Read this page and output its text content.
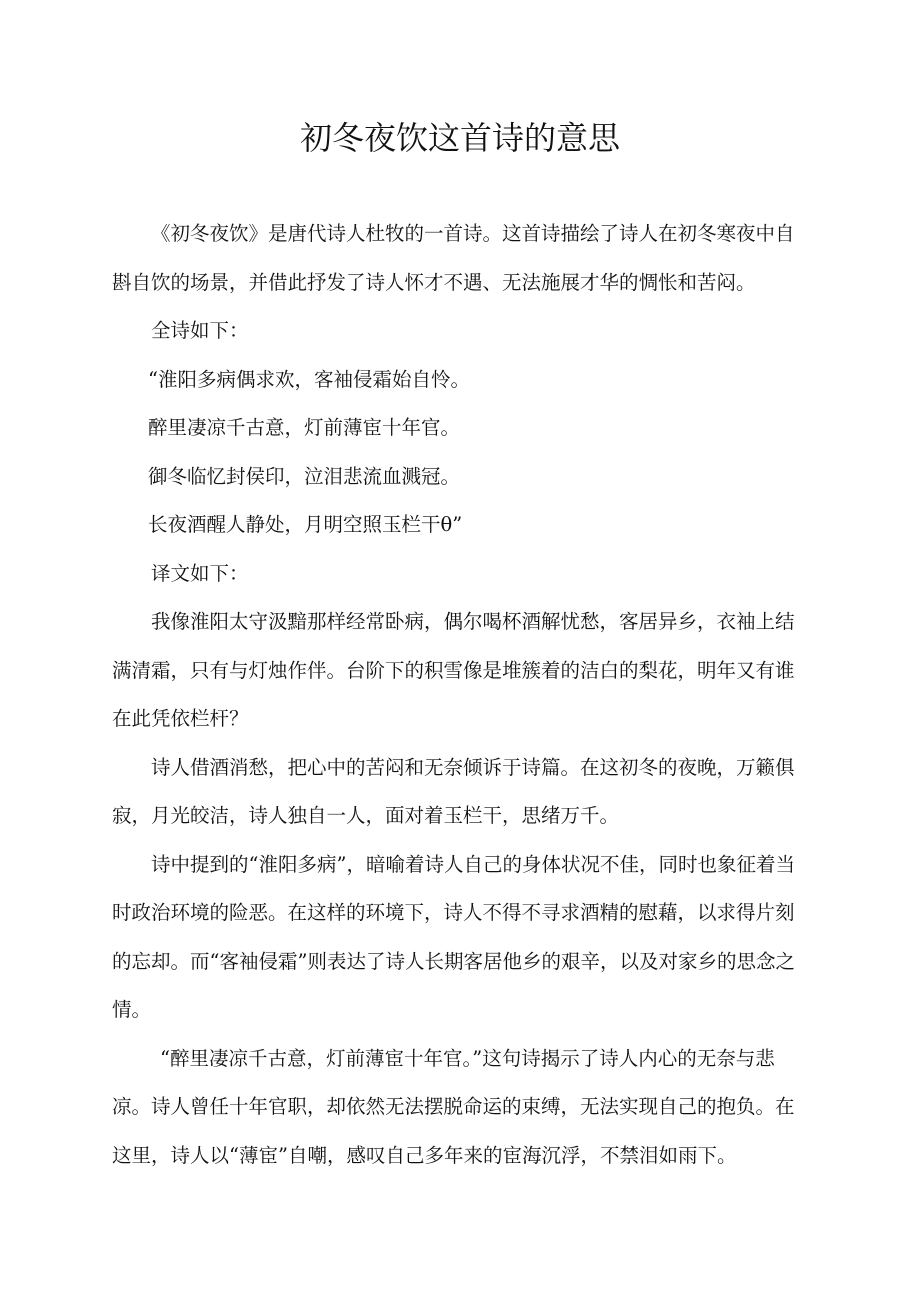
初冬夜饮这首诗的意思

《初冬夜饮》是唐代诗人杜牧的一首诗。这首诗描绘了诗人在初冬寒夜中自斟自饮的场景，并借此抒发了诗人怀才不遇、无法施展才华的惆怅和苦闷。

全诗如下：

“淮阳多病偶求欢，客袖侵霜始自怜。

醉里凄凉千古意，灯前薄宦十年官。

御冬临忆封侯印，泣泪悲流血溅冠。

长夜酒醒人静处，月明空照玉栏干θ”

译文如下：

我像淮阳太守汲黯那样经常卧病，偶尔喝杯酒解忧愁，客居异乡，衣袖上结满清霜，只有与灯烛作伴。台阶下的积雪像是堆簇着的洁白的梨花，明年又有谁在此凭依栏杆？

诗人借酒消愁，把心中的苦闷和无奈倾诉于诗篇。在这初冬的夜晚，万籁俱寂，月光皎洁，诗人独自一人，面对着玉栏干，思绪万千。

诗中提到的“淮阳多病”，暗喻着诗人自己的身体状况不佳，同时也象征着当时政治环境的险恶。在这样的环境下，诗人不得不寻求酒精的慰藉，以求得片刻的忘却。而“客袖侵霜”则表达了诗人长期客居他乡的艰辛，以及对家乡的思念之情。

“醉里凄凉千古意，灯前薄宦十年官。”这句诗揭示了诗人内心的无奈与悲凉。诗人曾任十年官职，却依然无法摆脱命运的束缚，无法实现自己的抱负。在这里，诗人以“薄宦”自嘲，感叹自己多年来的宦海沉浮，不禁泪如雨下。
